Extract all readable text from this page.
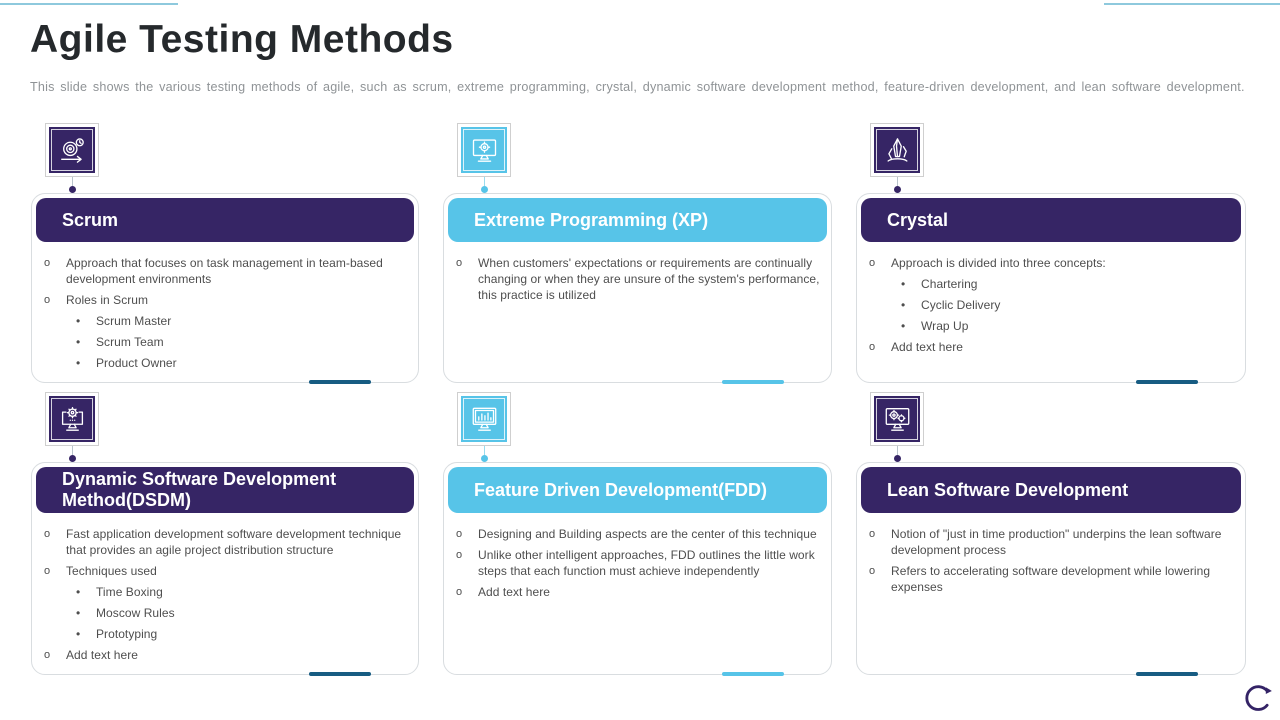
Agile Testing Methods

This slide shows the various testing methods of agile, such as scrum, extreme programming, crystal, dynamic software development method, feature-driven development, and lean software development.

Scrum
o	Approach that focuses on task management in team-based development environments
o	Roles in Scrum
•	Scrum Master
•	Scrum Team
•	Product Owner
Extreme Programming (XP)
o	When customers' expectations or requirements are continually changing or when they are unsure of the system's performance, this practice is utilized
Crystal
o	Approach is divided into three concepts:
•	Chartering
•	Cyclic Delivery
•	Wrap Up
o	Add text here
Dynamic Software Development Method(DSDM)
o	Fast application development software development technique that provides an agile project distribution structure
o	Techniques used
•	Time Boxing
•	Moscow Rules
•	Prototyping
o	Add text here
Feature Driven Development(FDD)
o	Designing and Building aspects are the center of this technique
o	Unlike other intelligent approaches, FDD outlines the little work steps that each function must achieve independently
o	Add text here
Lean Software Development
o	Notion of "just in time production" underpins the lean software development process
o	Refers to accelerating software development while lowering expenses
